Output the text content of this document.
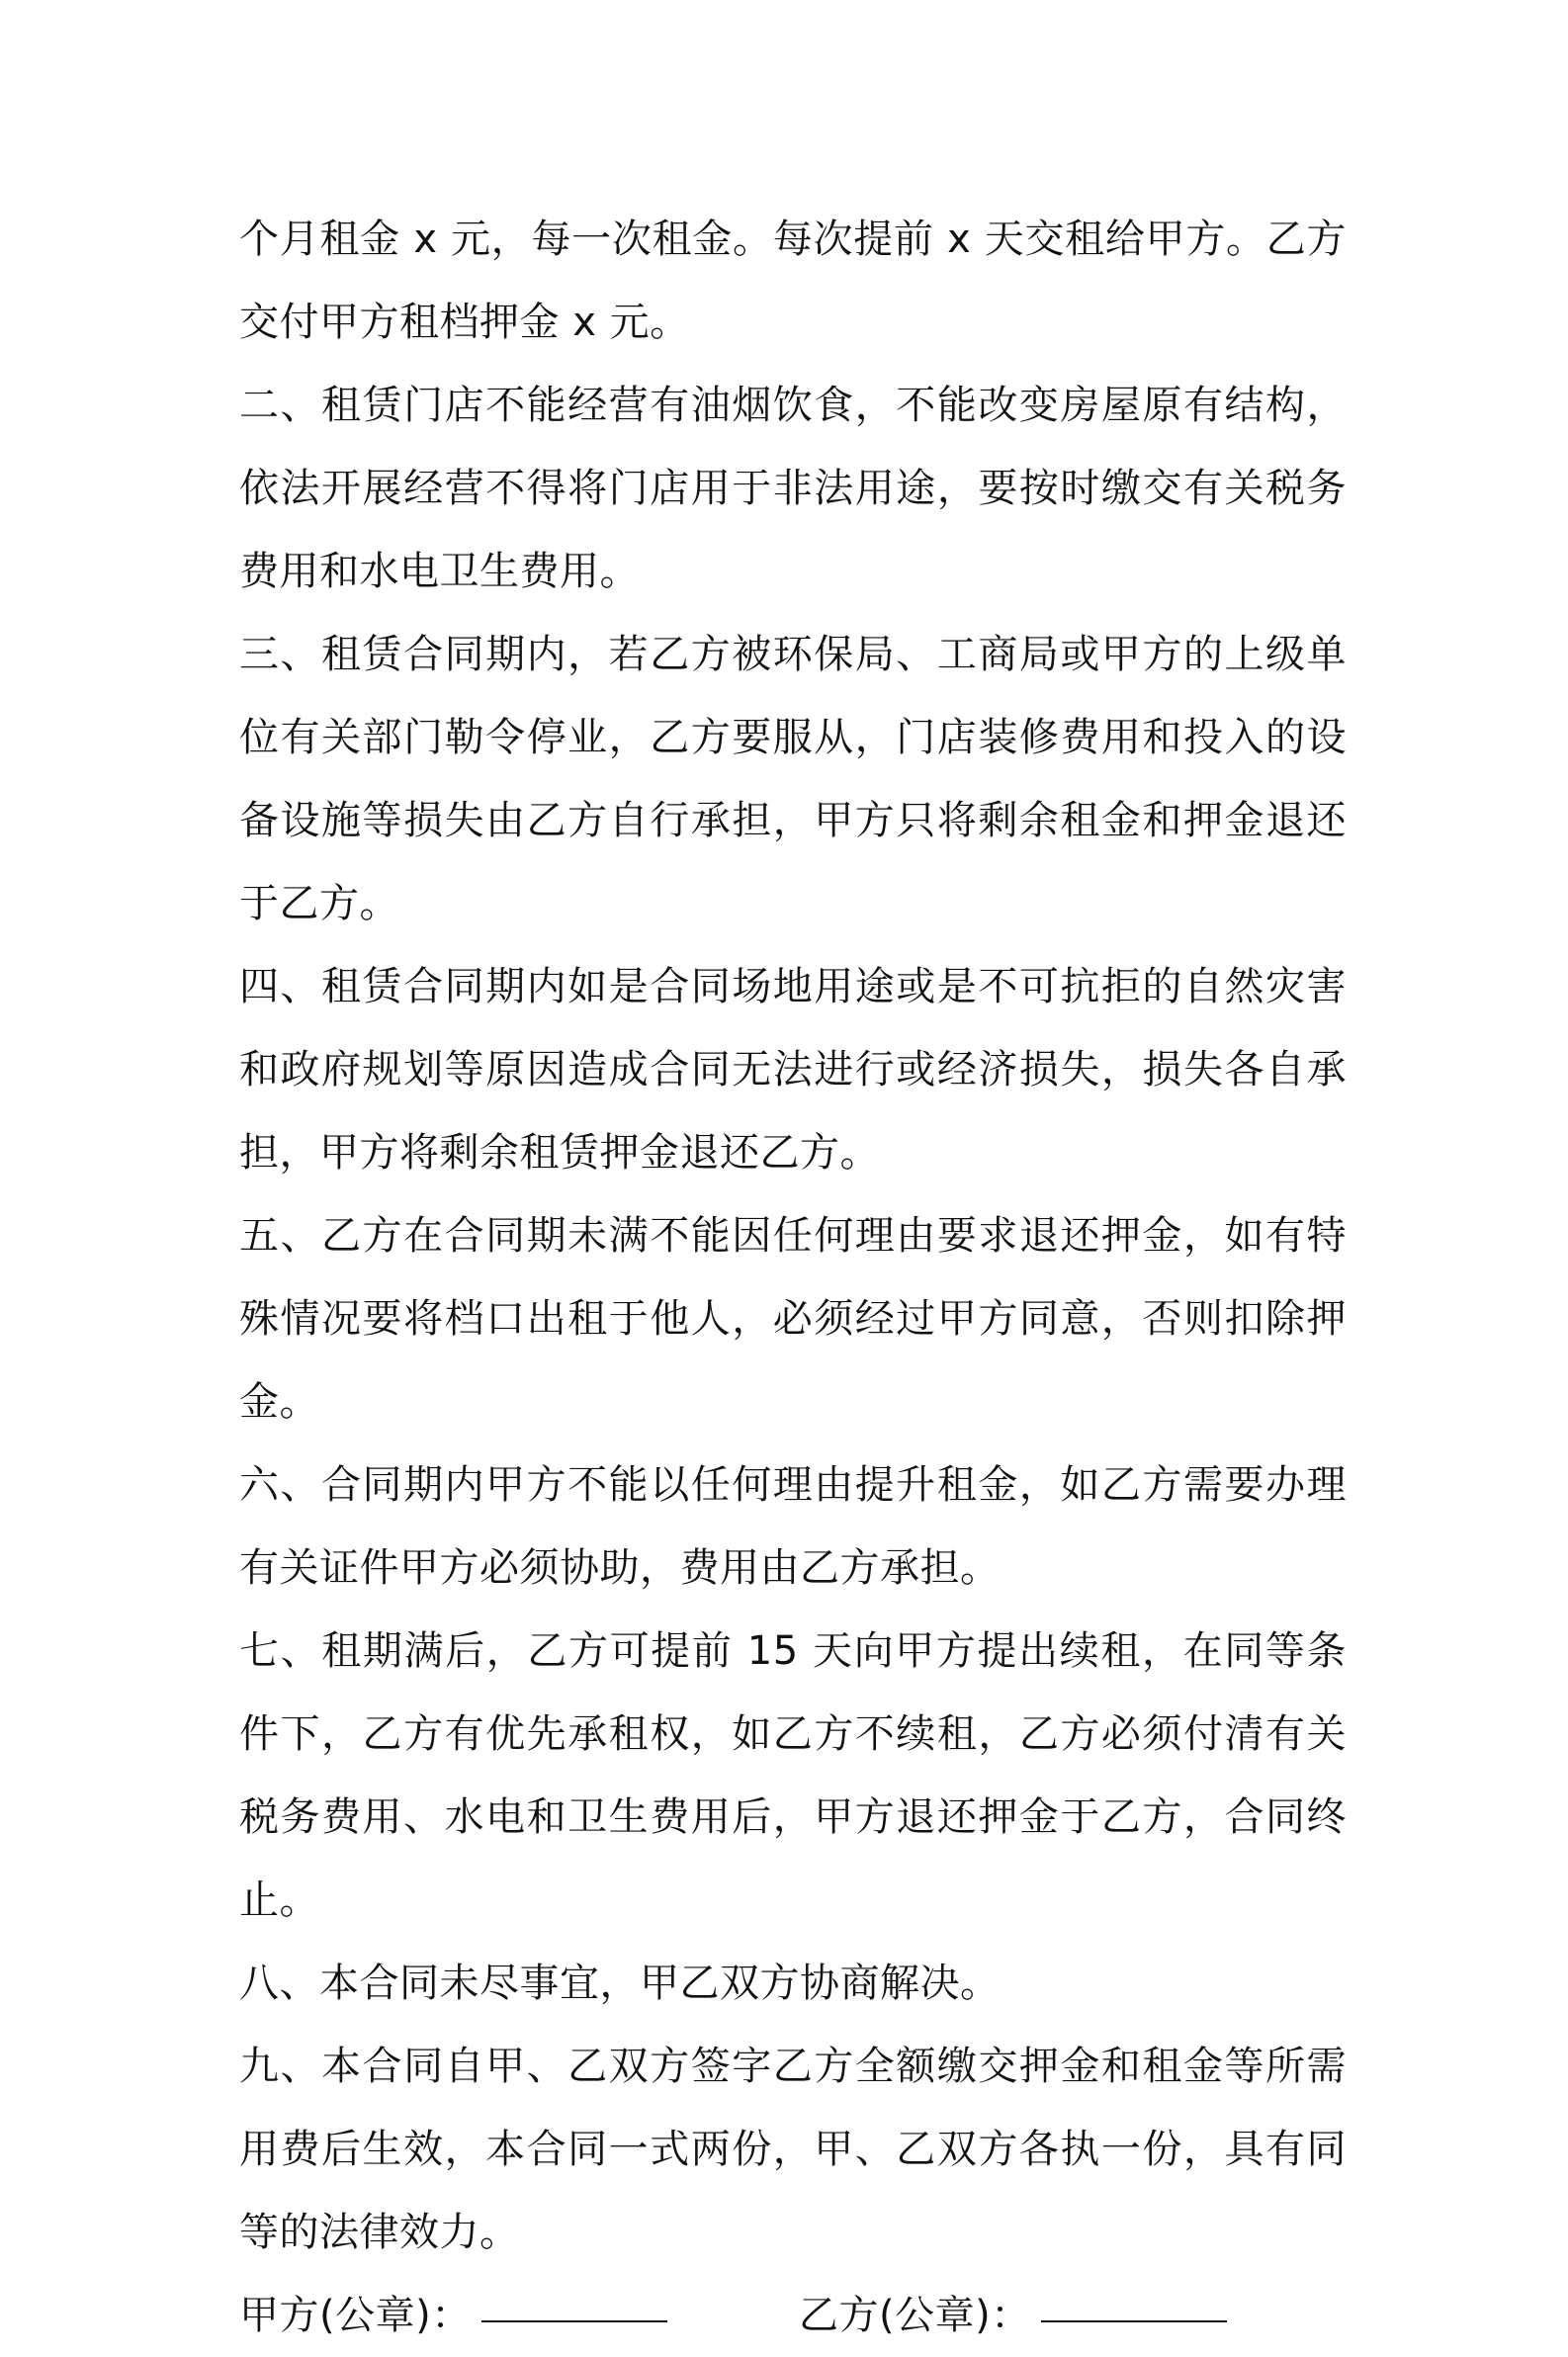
个月租金 x 元，每一次租金。每次提前 x 天交租给甲方。乙方交付甲方租档押金 x 元。

二、租赁门店不能经营有油烟饮食，不能改变房屋原有结构，依法开展经营不得将门店用于非法用途，要按时缴交有关税务费用和水电卫生费用。

三、租赁合同期内，若乙方被环保局、工商局或甲方的上级单位有关部门勒令停业，乙方要服从，门店装修费用和投入的设备设施等损失由乙方自行承担，甲方只将剩余租金和押金退还于乙方。

四、租赁合同期内如是合同场地用途或是不可抗拒的自然灾害和政府规划等原因造成合同无法进行或经济损失，损失各自承担，甲方将剩余租赁押金退还乙方。

五、乙方在合同期未满不能因任何理由要求退还押金，如有特殊情况要将档口出租于他人，必须经过甲方同意，否则扣除押金。

六、合同期内甲方不能以任何理由提升租金，如乙方需要办理有关证件甲方必须协助，费用由乙方承担。

七、租期满后，乙方可提前 15 天向甲方提出续租，在同等条件下，乙方有优先承租权，如乙方不续租，乙方必须付清有关税务费用、水电和卫生费用后，甲方退还押金于乙方，合同终止。

八、本合同未尽事宜，甲乙双方协商解决。

九、本合同自甲、乙双方签字乙方全额缴交押金和租金等所需用费后生效，本合同一式两份，甲、乙双方各执一份，具有同等的法律效力。

甲方(公章)：	乙方(公章)：
